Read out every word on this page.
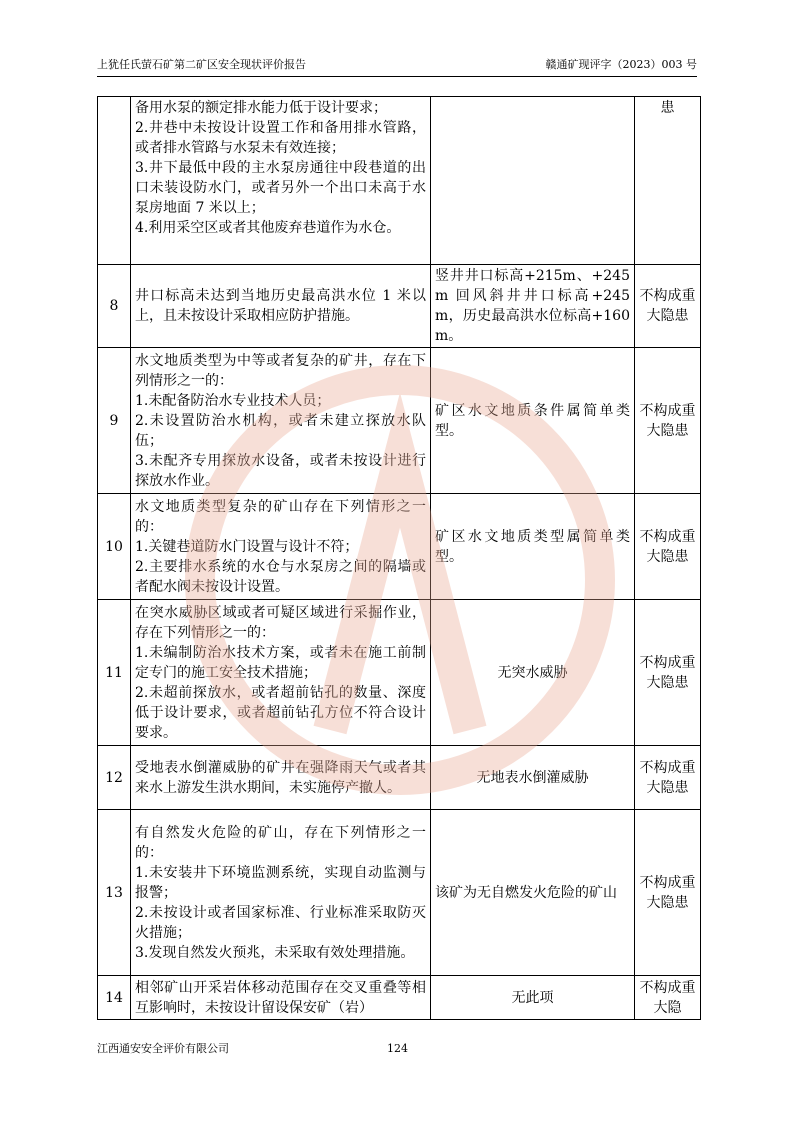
上犹任氏萤石矿第二矿区安全现状评价报告	赣通矿现评字（2023）003 号

	备用水泵的额定排水能力低于设计要求；
2.井巷中未按设计设置工作和备用排水管路，或者排水管路与水泵未有效连接；
3.井下最低中段的主水泵房通往中段巷道的出口未装设防水门，或者另外一个出口未高于水泵房地面 7 米以上；
4.利用采空区或者其他废弃巷道作为水仓。		患
8	井口标高未达到当地历史最高洪水位 1 米以上，且未按设计采取相应防护措施。	竖井井口标高+215m、+245m 回风斜井井口标高+245m，历史最高洪水位标高+160m。	不构成重大隐患
9	水文地质类型为中等或者复杂的矿井，存在下列情形之一的：
1.未配备防治水专业技术人员；
2.未设置防治水机构，或者未建立探放水队伍；
3.未配齐专用探放水设备，或者未按设计进行探放水作业。	矿区水文地质条件属简单类型。	不构成重大隐患
10	水文地质类型复杂的矿山存在下列情形之一的：
1.关键巷道防水门设置与设计不符；
2.主要排水系统的水仓与水泵房之间的隔墙或者配水阀未按设计设置。	矿区水文地质类型属简单类型。	不构成重大隐患
11	在突水威胁区域或者可疑区域进行采掘作业，存在下列情形之一的：
1.未编制防治水技术方案，或者未在施工前制定专门的施工安全技术措施；
2.未超前探放水，或者超前钻孔的数量、深度低于设计要求，或者超前钻孔方位不符合设计要求。	无突水威胁	不构成重大隐患
12	受地表水倒灌威胁的矿井在强降雨天气或者其来水上游发生洪水期间，未实施停产撤人。	无地表水倒灌威胁	不构成重大隐患
13	有自然发火危险的矿山，存在下列情形之一的：
1.未安装井下环境监测系统，实现自动监测与报警；
2.未按设计或者国家标准、行业标准采取防灭火措施；
3.发现自然发火预兆，未采取有效处理措施。	该矿为无自燃发火危险的矿山	不构成重大隐患
14	相邻矿山开采岩体移动范围存在交叉重叠等相互影响时，未按设计留设保安矿（岩）	无此项	不构成重大隐
江西通安安全评价有限公司	124
